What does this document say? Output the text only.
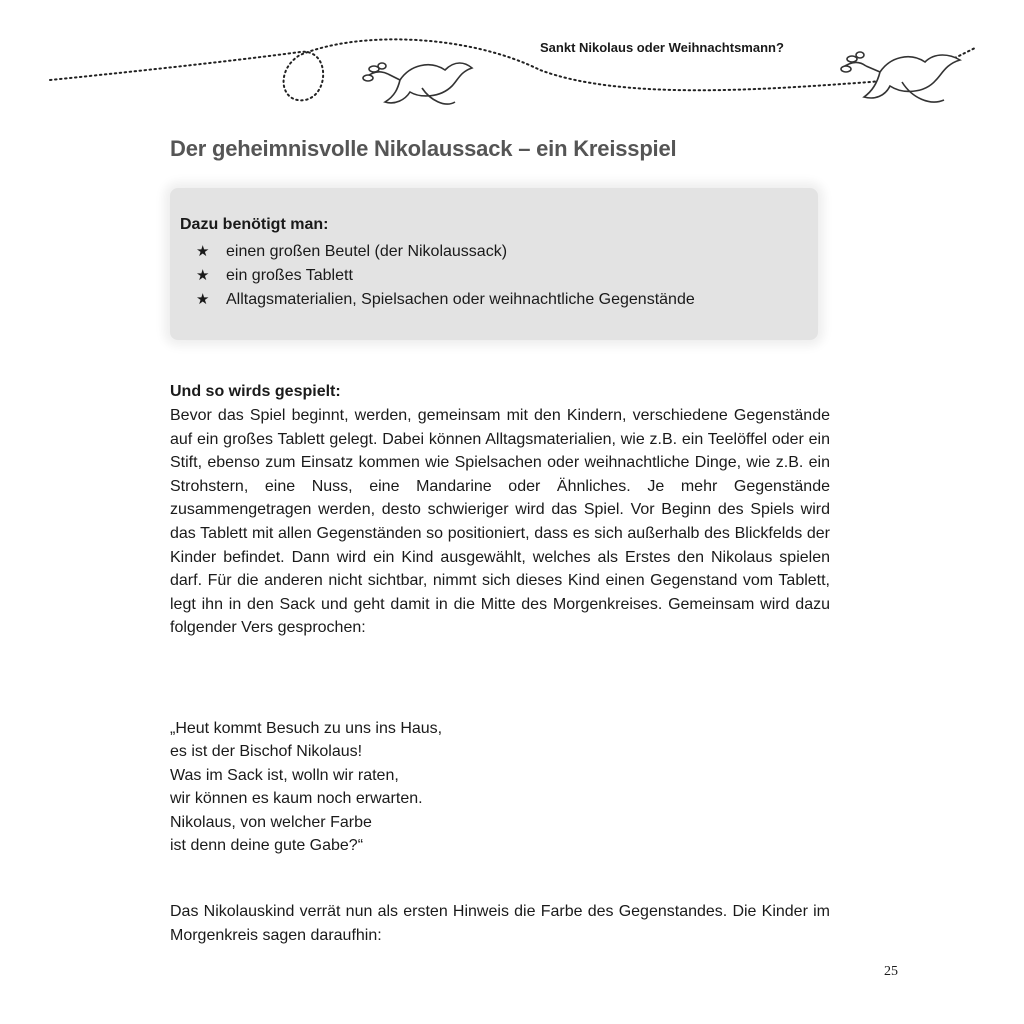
Sankt Nikolaus oder Weihnachtsmann?
Der geheimnisvolle Nikolaussack – ein Kreisspiel
Dazu benötigt man:
★ einen großen Beutel (der Nikolaussack)
★ ein großes Tablett
★ Alltagsmaterialien, Spielsachen oder weihnachtliche Gegenstände
Und so wirds gespielt:

Bevor das Spiel beginnt, werden, gemeinsam mit den Kindern, verschiedene Gegenstände auf ein großes Tablett gelegt. Dabei können Alltagsmaterialien, wie z.B. ein Teelöffel oder ein Stift, ebenso zum Einsatz kommen wie Spielsachen oder weihnachtliche Dinge, wie z.B. ein Strohstern, eine Nuss, eine Mandarine oder Ähnliches. Je mehr Gegenstände zusammengetragen werden, desto schwieriger wird das Spiel. Vor Beginn des Spiels wird das Tablett mit allen Gegenständen so positioniert, dass es sich außerhalb des Blickfelds der Kinder befindet. Dann wird ein Kind ausgewählt, welches als Erstes den Nikolaus spielen darf. Für die anderen nicht sichtbar, nimmt sich dieses Kind einen Gegenstand vom Tablett, legt ihn in den Sack und geht damit in die Mitte des Morgenkreises. Gemeinsam wird dazu folgender Vers gesprochen:

„Heut kommt Besuch zu uns ins Haus,
es ist der Bischof Nikolaus!
Was im Sack ist, wolln wir raten,
wir können es kaum noch erwarten.
Nikolaus, von welcher Farbe
ist denn deine gute Gabe?“

Das Nikolauskind verrät nun als ersten Hinweis die Farbe des Gegenstandes. Die Kinder im Morgenkreis sagen daraufhin:

25
